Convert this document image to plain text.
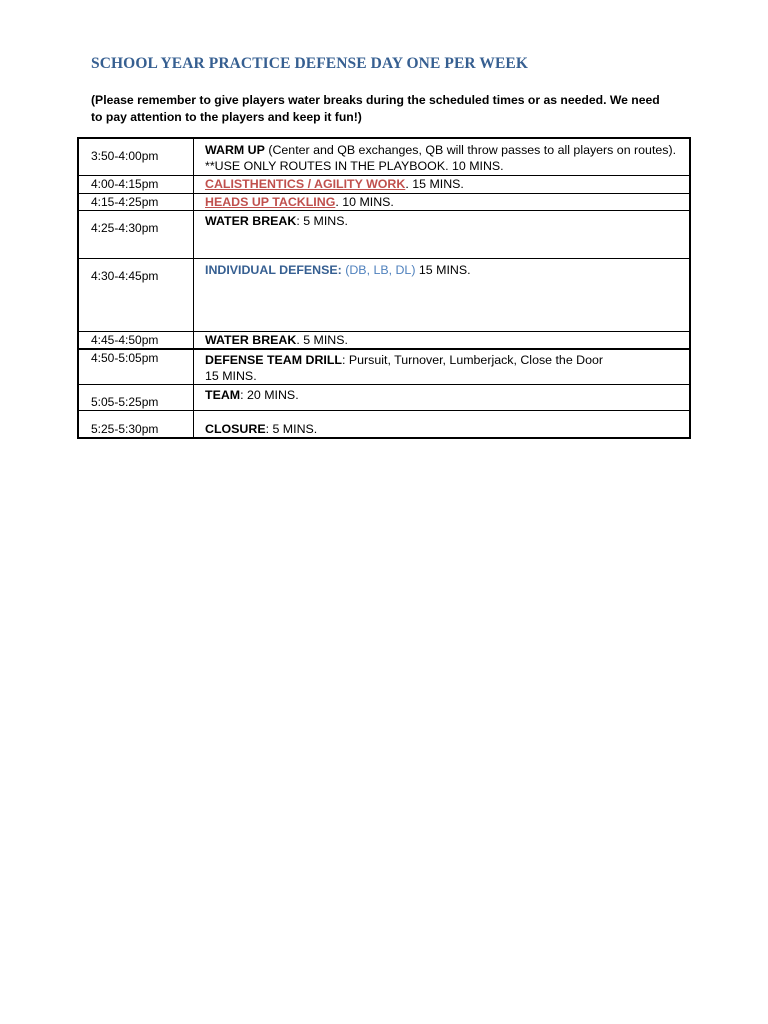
SCHOOL YEAR PRACTICE DEFENSE DAY ONE PER WEEK
(Please remember to give players water breaks during the scheduled times or as needed. We need to pay attention to the players and keep it fun!)
3:50-4:00pm	WARM UP (Center and QB exchanges, QB will throw passes to all players on routes). **USE ONLY ROUTES IN THE PLAYBOOK. 10 MINS.

4:00-4:15pm	CALISTHENTICS / AGILITY WORK. 15 MINS.

4:15-4:25pm	HEADS UP TACKLING. 10 MINS.

4:25-4:30pm	WATER BREAK: 5 MINS.

4:30-4:45pm	INDIVIDUAL DEFENSE: (DB, LB, DL) 15 MINS.

4:45-4:50pm	WATER BREAK. 5 MINS.

4:50-5:05pm	DEFENSE TEAM DRILL: Pursuit, Turnover, Lumberjack, Close the Door
15 MINS.

5:05-5:25pm	TEAM: 20 MINS.

5:25-5:30pm	CLOSURE: 5 MINS.
